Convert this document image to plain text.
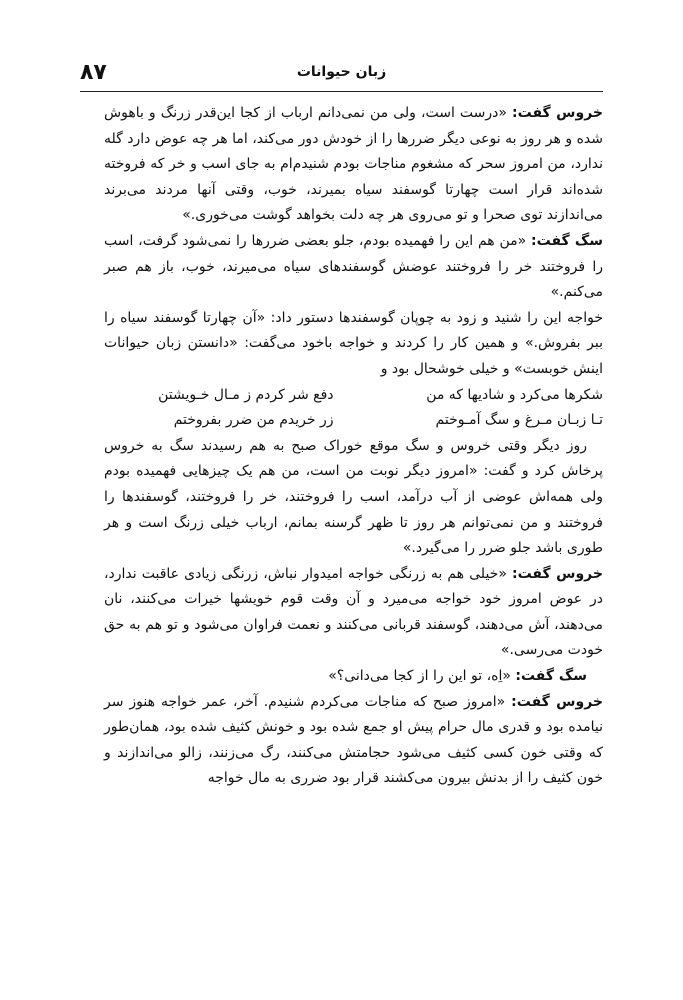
۸۷	زبان حیوانات

خروس گفت: «درست است، ولی من نمی‌دانم ارباب از کجا این‌قدر زرنگ و باهوش شده و هر روز به نوعی دیگر ضررها را از خودش دور می‌کند، اما هر چه عوض دارد گله ندارد، من امروز سحر که مشغوم مناجات بودم شنیدم‌ام به جای اسب و خر که فروخته شده‌اند قرار است چهارتا گوسفند سیاه بمیرند، خوب، وقتی آنها مردند می‌برند می‌اندازند توی صحرا و تو می‌روی هر چه دلت بخواهد گوشت می‌خوری.»

سگ گفت: «من هم این را فهمیده بودم، جلو بعضی ضررها را نمی‌شود گرفت، اسب را فروختند خر را فروختند عوضش گوسفندهای سیاه می‌میرند، خوب، باز هم صبر می‌کنم.»

خواجه این را شنید و زود به چوپان گوسفندها دستور داد: «آن چهارتا گوسفند سیاه را ببر بفروش.» و همین کار را کردند و خواجه باخود می‌گفت: «دانستن زبان حیوانات اینش خوبست» و خیلی خوشحال بود و

شکرها می‌کرد و شادیها که من
دفع شر کردم ز مـال خـویشتن
تـا زبـان مـرغ و سگ آمـوختم
زر خریدم من ضرر بفروختم

روز دیگر وقتی خروس و سگ موقع خوراک صبح به هم رسیدند سگ به خروس پرخاش کرد و گفت: «امروز دیگر نوبت من است، من هم یک چیزهایی فهمیده بودم ولی همه‌اش عوضی از آب درآمد، اسب را فروختند، خر را فروختند، گوسفندها را فروختند و من نمی‌توانم هر روز تا ظهر گرسنه بمانم، ارباب خیلی زرنگ است و هر طوری باشد جلو ضرر را می‌گیرد.»

خروس گفت: «خیلی هم به زرنگی خواجه امیدوار نباش، زرنگی زیادی عاقبت ندارد، در عوض امروز خود خواجه می‌میرد و آن وقت قوم خویشها خیرات می‌کنند، نان می‌دهند، آش می‌دهند، گوسفند قربانی می‌کنند و نعمت فراوان می‌شود و تو هم به حق خودت می‌رسی.»

سگ گفت: «اِه، تو این را از کجا می‌دانی؟»

خروس گفت: «امروز صبح که مناجات می‌کردم شنیدم. آخر، عمر خواجه هنوز سر نیامده بود و قدری مال حرام پیش او جمع شده بود و خونش کثیف شده بود، همان‌طور که وقتی خون کسی کثیف می‌شود حجامتش می‌کنند، رگ می‌زنند، زالو می‌اندازند و خون کثیف را از بدنش بیرون می‌کشند قرار بود ضرری به مال خواجه
